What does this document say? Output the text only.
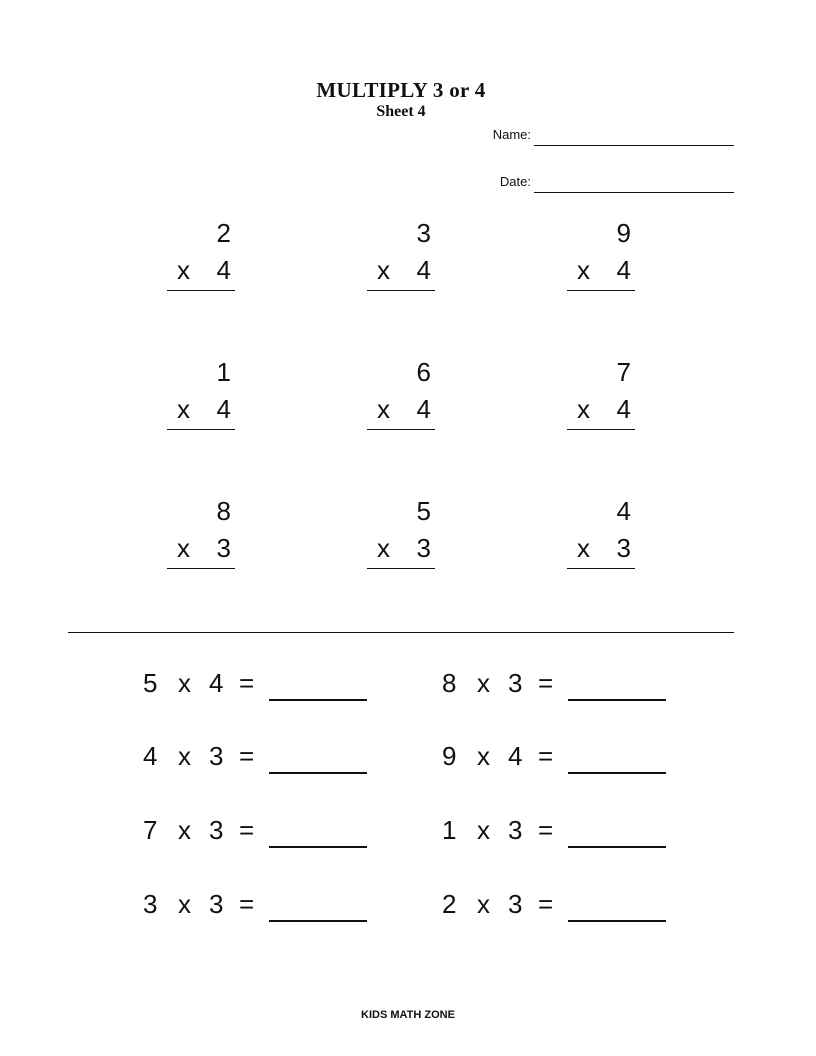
MULTIPLY 3 or 4
Sheet 4
Name:
Date:
2
x 4
3
x 4
9
x 4
1
x 4
6
x 4
7
x 4
8
x 3
5
x 3
4
x 3
5 x 4 =	8 x 3 =
4 x 3 =	9 x 4 =
7 x 3 =	1 x 3 =
3 x 3 =	2 x 3 =
KIDS MATH ZONE
